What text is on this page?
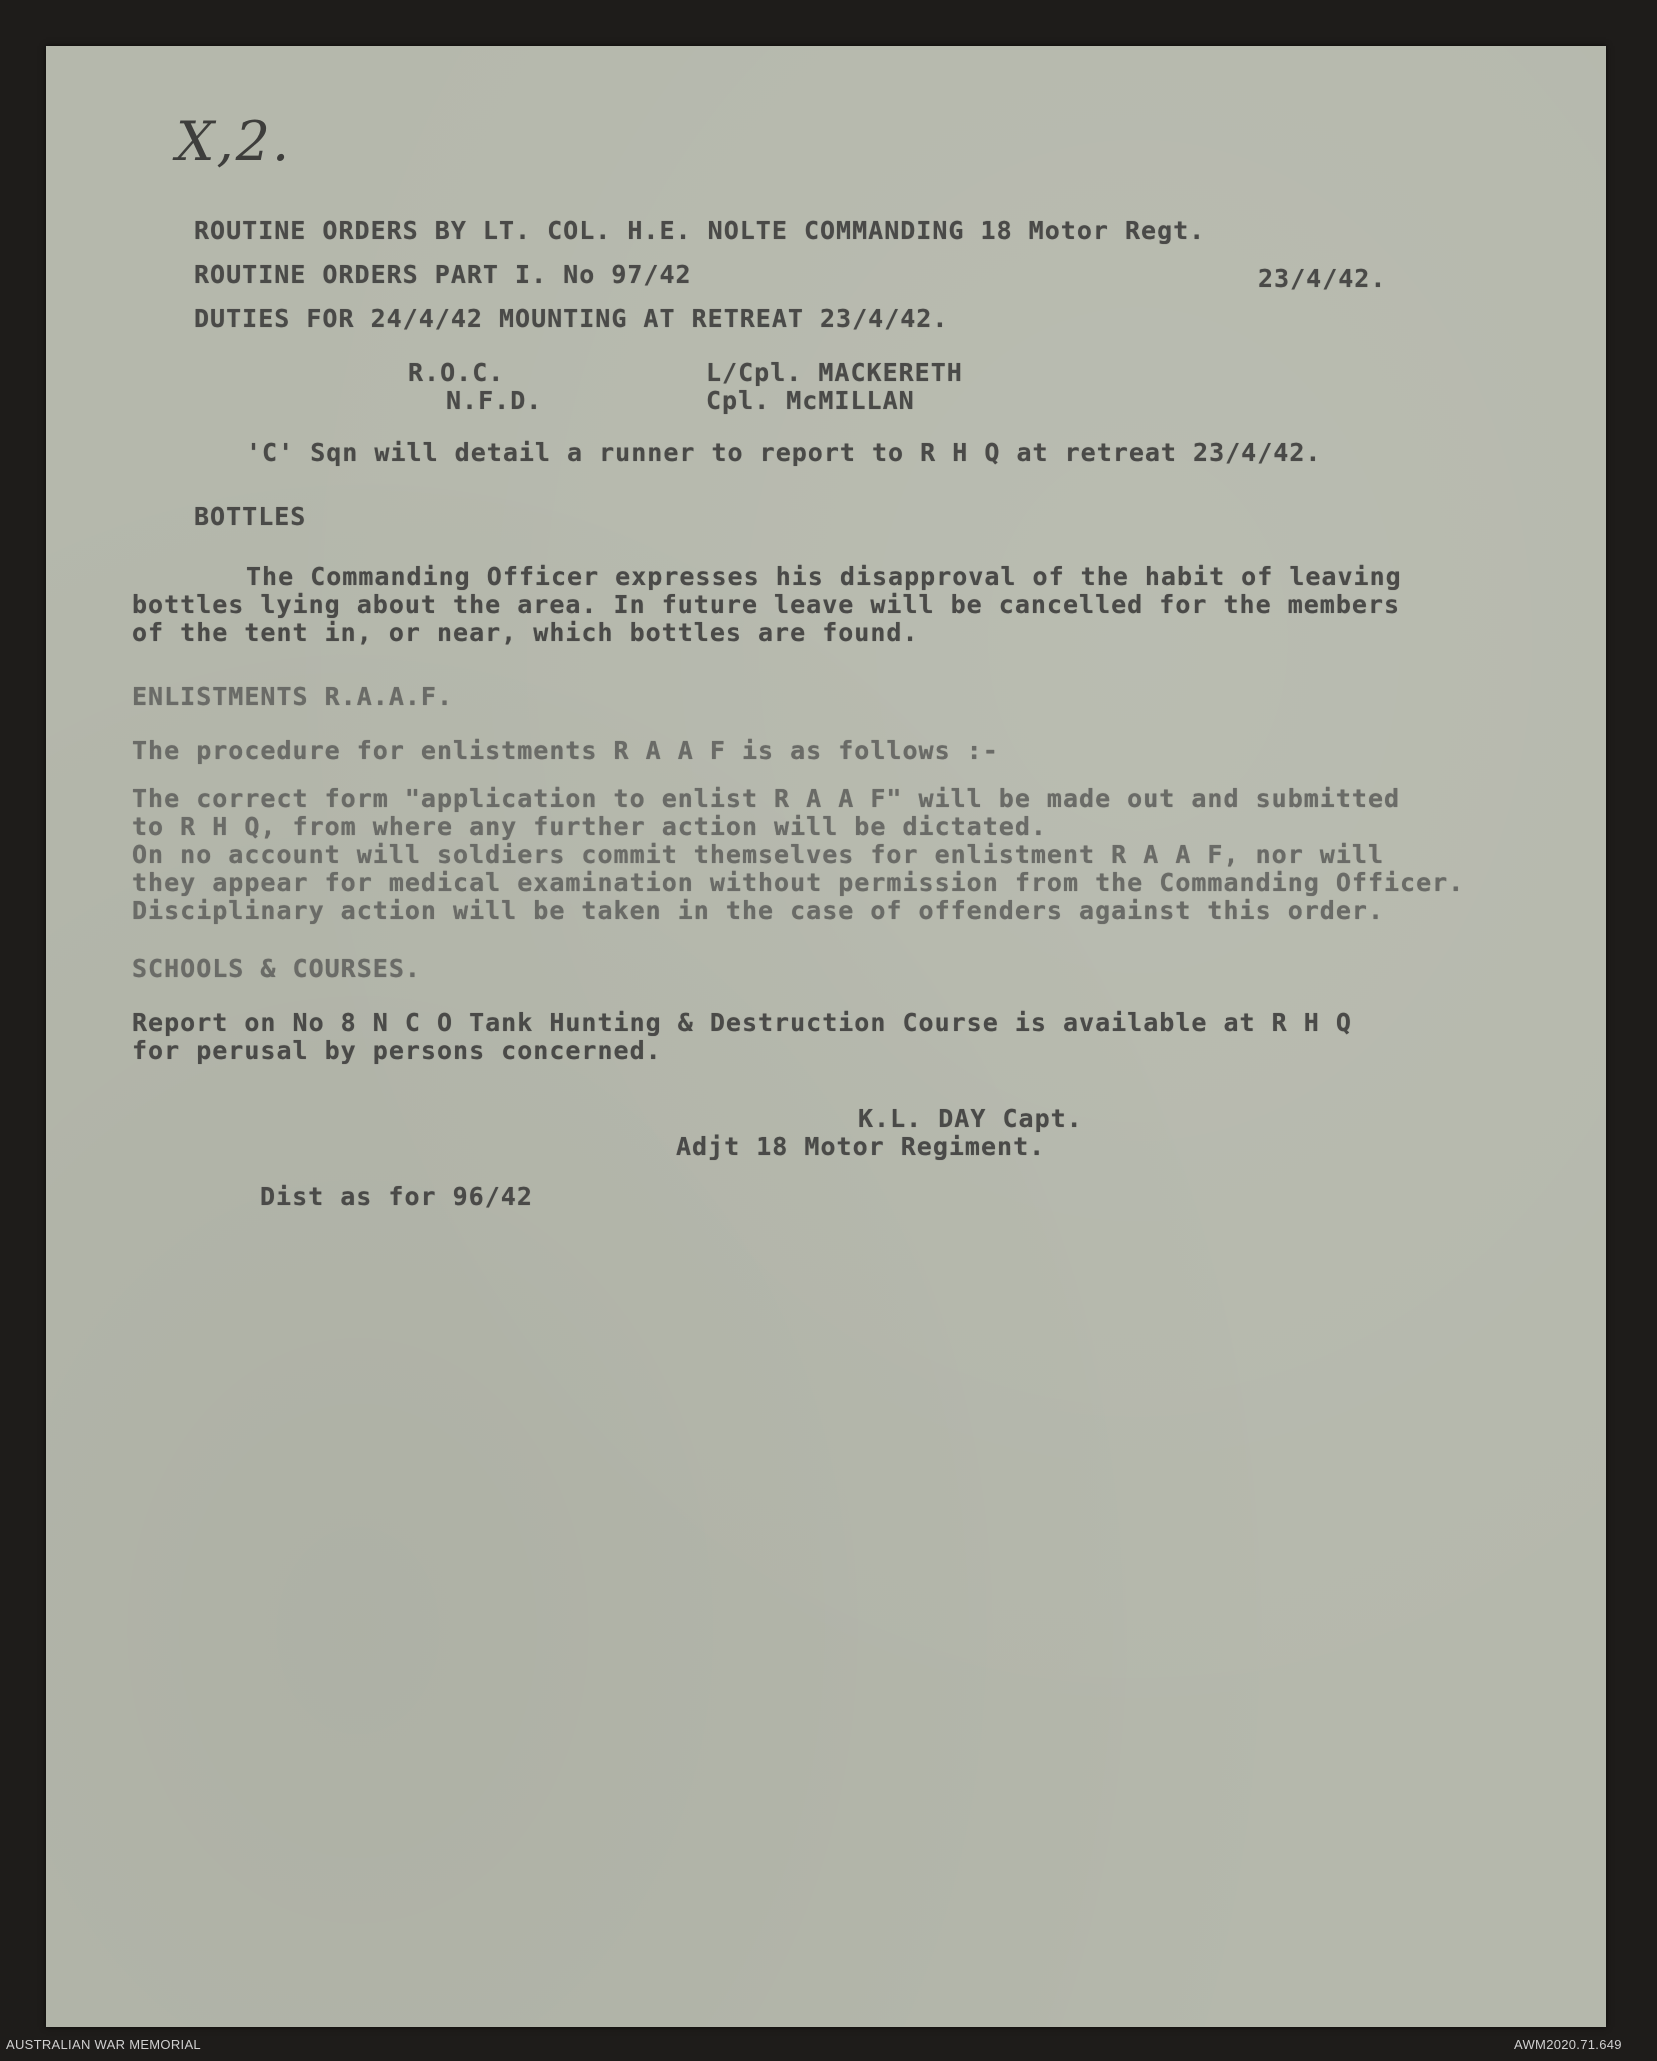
X,2.
ROUTINE ORDERS BY LT. COL. H.E. NOLTE COMMANDING 18 Motor Regt.
ROUTINE ORDERS PART I. No 97/42	23/4/42.
DUTIES FOR 24/4/42 MOUNTING AT RETREAT 23/4/42.
R.O.C.
N.F.D.
L/Cpl. MACKERETH
Cpl. McMILLAN
'C' Sqn will detail a runner to report to R H Q at retreat 23/4/42.
BOTTLES
The Commanding Officer expresses his disapproval of the habit of leaving
bottles lying about the area. In future leave will be cancelled for the members
of the tent in, or near, which bottles are found.
ENLISTMENTS R.A.A.F.
The procedure for enlistments R A A F is as follows :-
The correct form "application to enlist R A A F" will be made out and submitted
to R H Q, from where any further action will be dictated.
On no account will soldiers commit themselves for enlistment R A A F, nor will
they appear for medical examination without permission from the Commanding Officer.
Disciplinary action will be taken in the case of offenders against this order.
SCHOOLS & COURSES.
Report on No 8 N C O Tank Hunting & Destruction Course is available at R H Q
for perusal by persons concerned.
K.L. DAY Capt.
Adjt 18 Motor Regiment.
Dist as for 96/42
AUSTRALIAN WAR MEMORIAL	AWM2020.71.649
